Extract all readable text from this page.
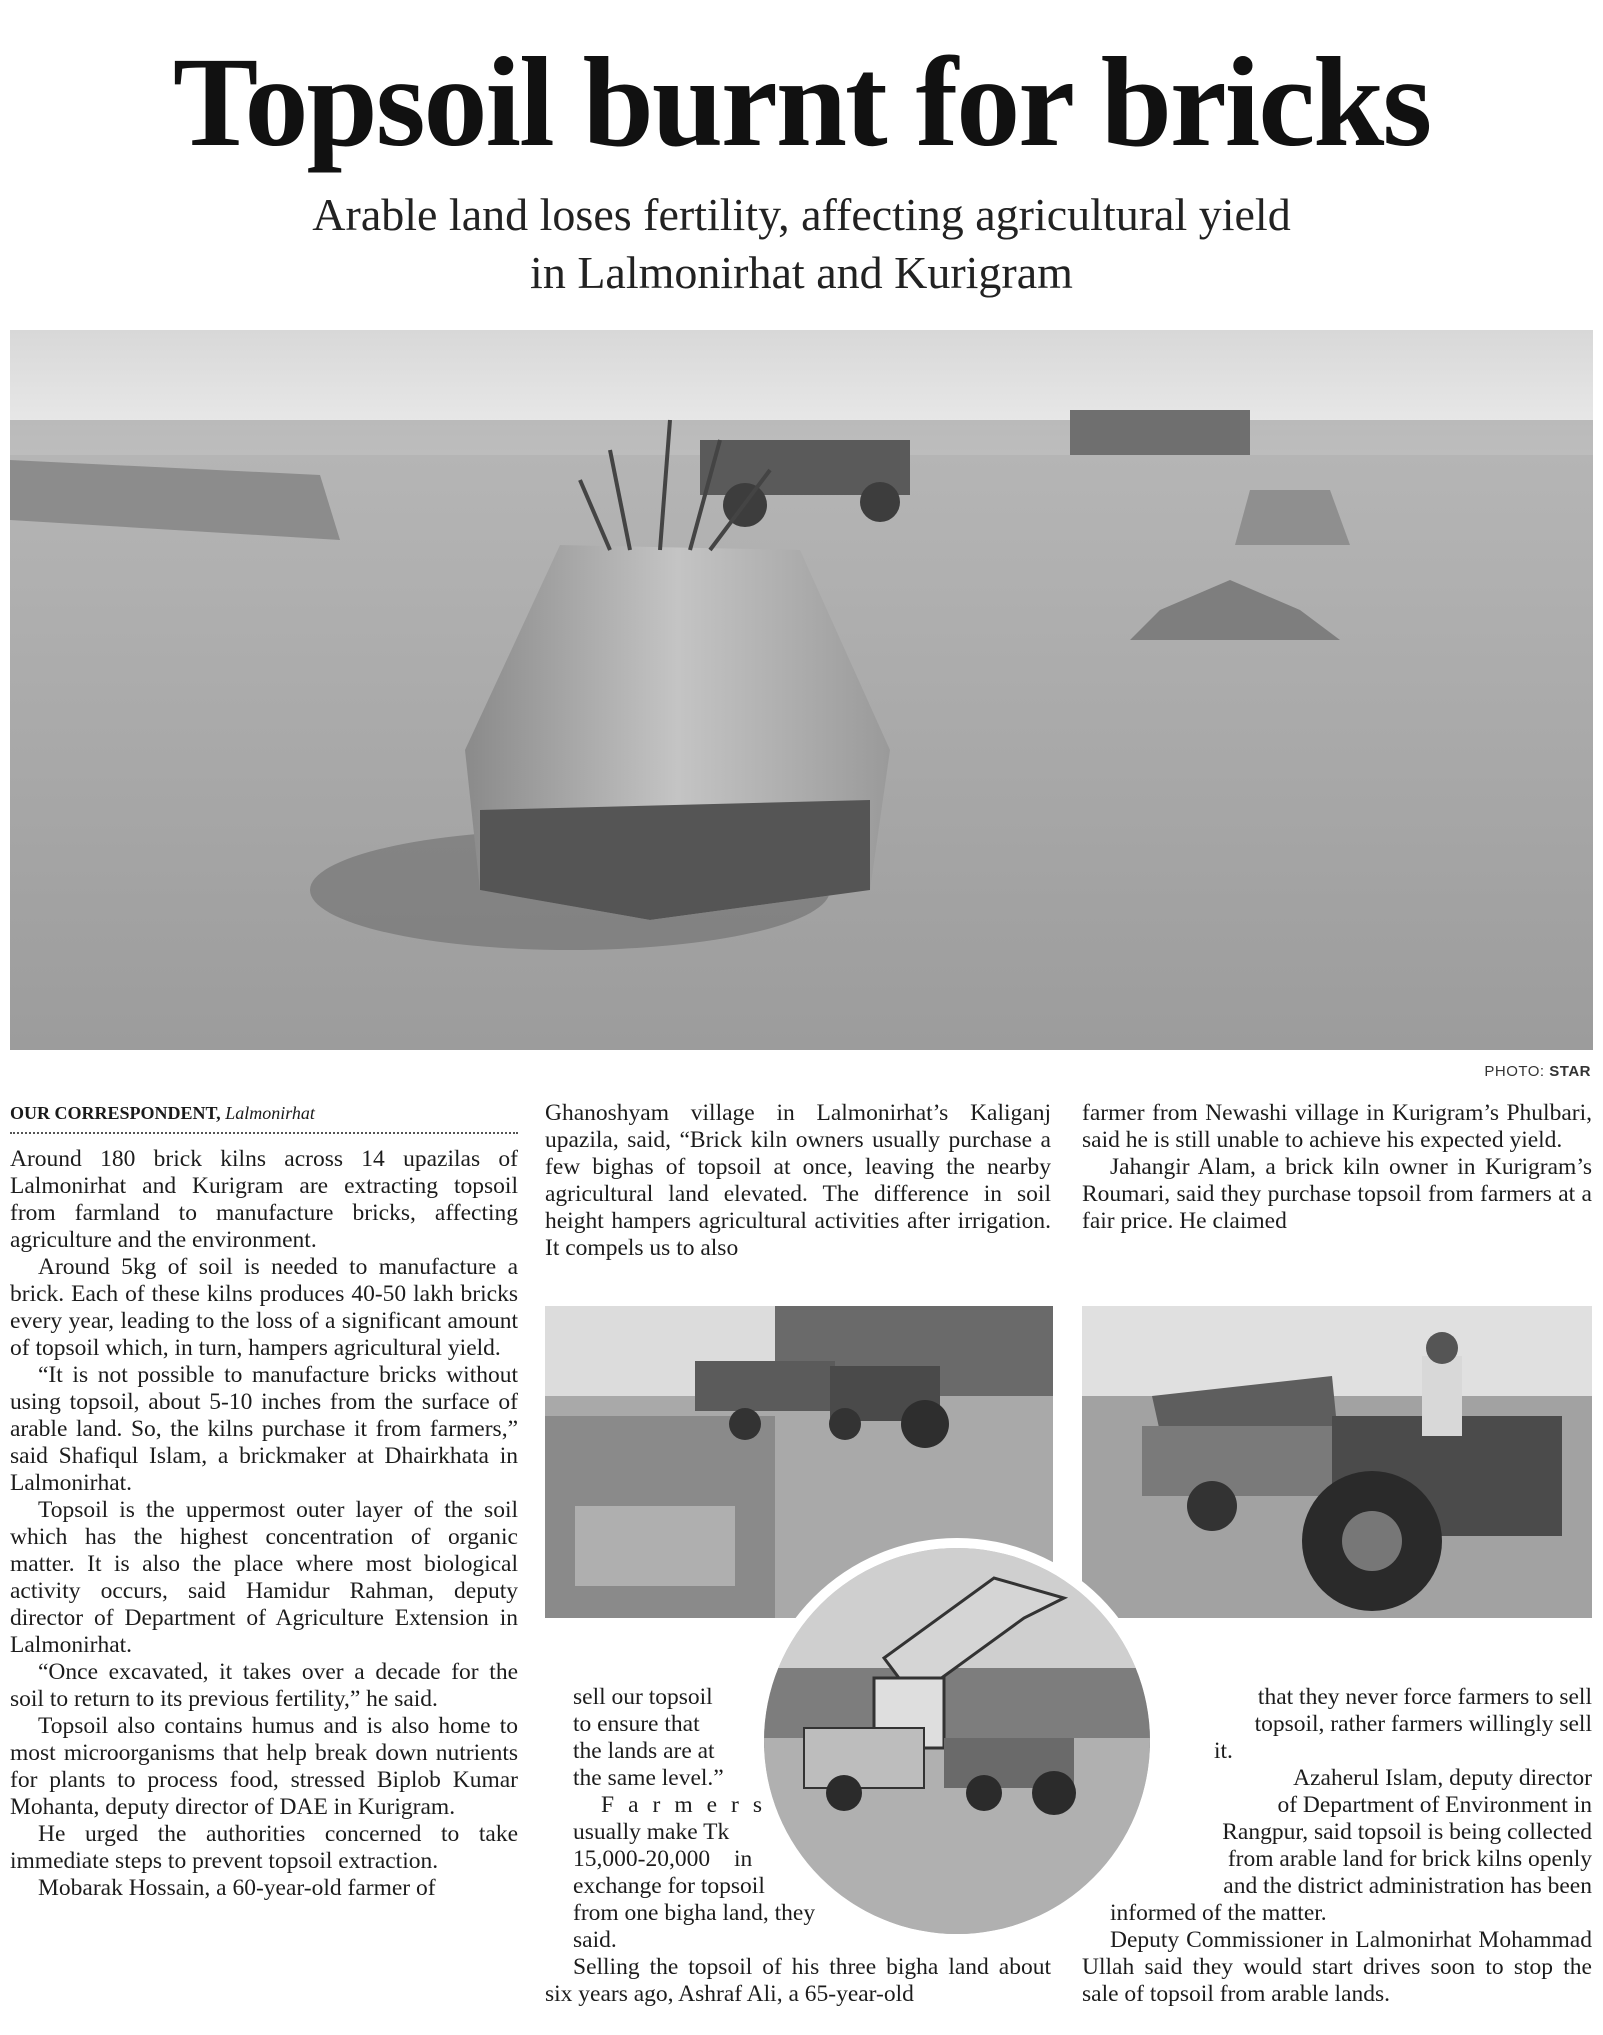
Topsoil burnt for bricks
Arable land loses fertility, affecting agricultural yield
in Lalmonirhat and Kurigram
PHOTO: STAR
OUR CORRESPONDENT, Lalmonirhat

Around 180 brick kilns across 14 upazilas of Lalmonirhat and Kurigram are extracting topsoil from farmland to manufacture bricks, affecting agriculture and the environment.

Around 5kg of soil is needed to manufacture a brick. Each of these kilns produces 40-50 lakh bricks every year, leading to the loss of a significant amount of topsoil which, in turn, hampers agricultural yield.

“It is not possible to manufacture bricks without using topsoil, about 5-10 inches from the surface of arable land. So, the kilns purchase it from farmers,” said Shafiqul Islam, a brickmaker at Dhairkhata in Lalmonirhat.

Topsoil is the uppermost outer layer of the soil which has the highest concentration of organic matter. It is also the place where most biological activity occurs, said Hamidur Rahman, deputy director of Department of Agriculture Extension in Lalmonirhat.

“Once excavated, it takes over a decade for the soil to return to its previous fertility,” he said.

Topsoil also contains humus and is also home to most microorganisms that help break down nutrients for plants to process food, stressed Biplob Kumar Mohanta, deputy director of DAE in Kurigram.

He urged the authorities concerned to take immediate steps to prevent topsoil extraction.

Mobarak Hossain, a 60-year-old farmer of

Ghanoshyam village in Lalmonirhat’s Kaliganj upazila, said, “Brick kiln owners usually purchase a few bighas of topsoil at once, leaving the nearby agricultural land elevated. The difference in soil height hampers agricultural activities after irrigation. It compels us to also

farmer from Newashi village in Kurigram’s Phulbari, said he is still unable to achieve his expected yield.

Jahangir Alam, a brick kiln owner in Kurigram’s Roumari, said they purchase topsoil from farmers at a fair price. He claimed

sell our topsoil

to ensure that

the lands are at

the same level.”

Farmers

usually make Tk

15,000-20,000 in

exchange for topsoil

from one bigha land, they

said.

Selling the topsoil of his three bigha land about six years ago, Ashraf Ali, a 65-year-old

that they never force farmers to sell

topsoil, rather farmers willingly sell

it.

Azaherul Islam, deputy director

of Department of Environment in

Rangpur, said topsoil is being collected

from arable land for brick kilns openly

and the district administration has been

informed of the matter.

Deputy Commissioner in Lalmonirhat Mohammad Ullah said they would start drives soon to stop the sale of topsoil from arable lands.
